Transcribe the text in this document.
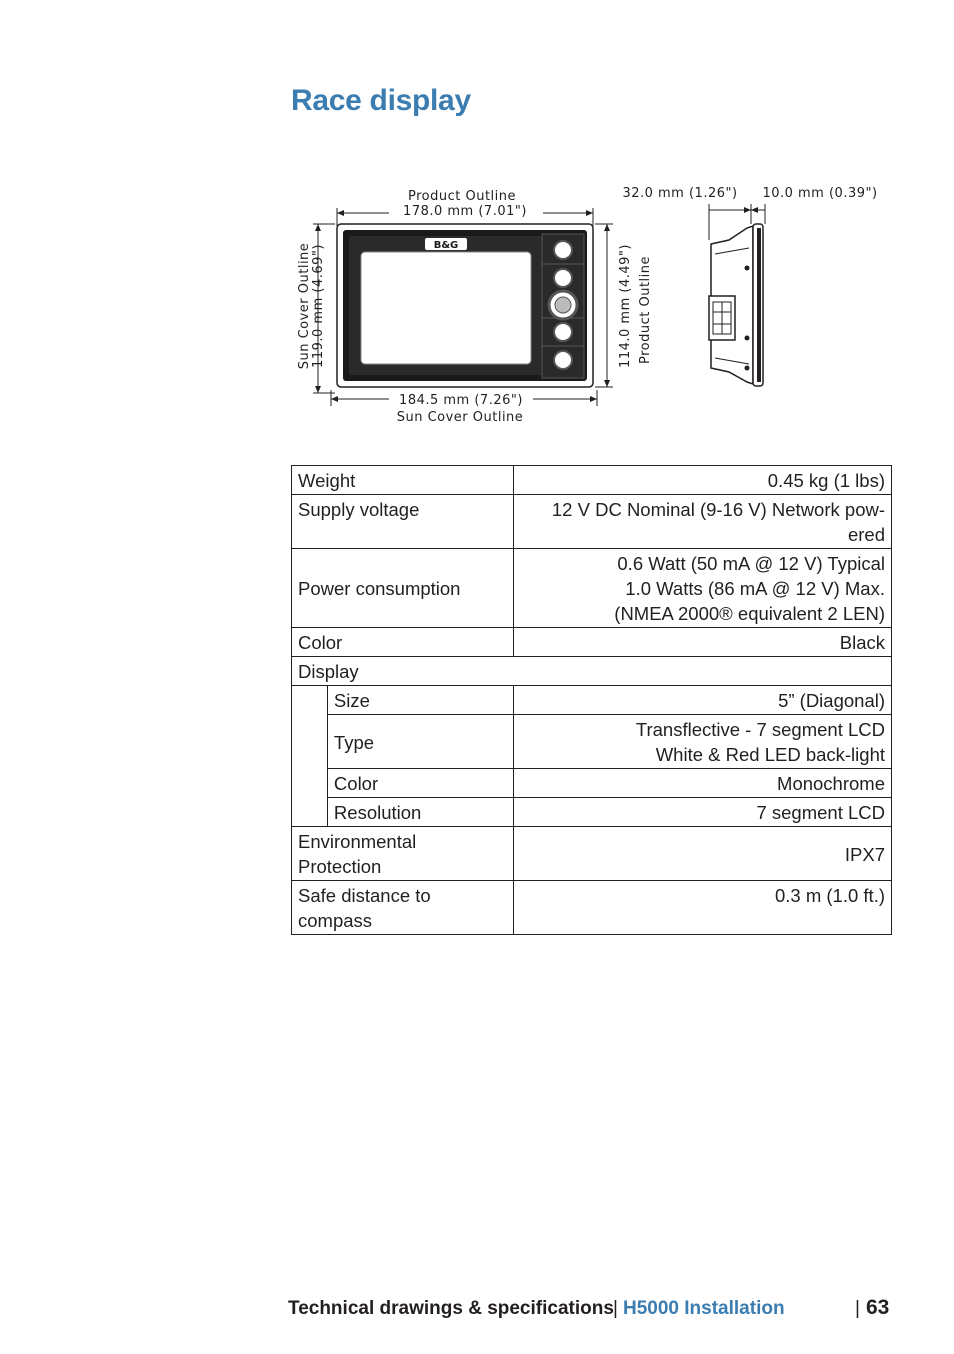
Race display
Product Outline
178.0 mm (7.01")
Sun Cover Outline 119.0 mm (4.69")	B&G	114.0 mm (4.49") Product Outline
184.5 mm (7.26")
Sun Cover Outline
32.0 mm (1.26") 10.0 mm (0.39")
Weight		0.45 kg (1 lbs)
Supply voltage		12 V DC Nominal (9-16 V) Network pow-
ered
Power consumption		0.6 Watt (50 mA @ 12 V) Typical
1.0 Watts (86 mA @ 12 V) Max.
(NMEA 2000® equivalent 2 LEN)
Color		Black
Display		
	Size	5” (Diagonal)
	Type	Transflective - 7 segment LCD
White & Red LED back-light
	Color	Monochrome
	Resolution	7 segment LCD
Environmental
Protection		IPX7
Safe distance to
compass		0.3 m (1.0 ft.)
Technical drawings & specifications | H5000 Installation	| 63
